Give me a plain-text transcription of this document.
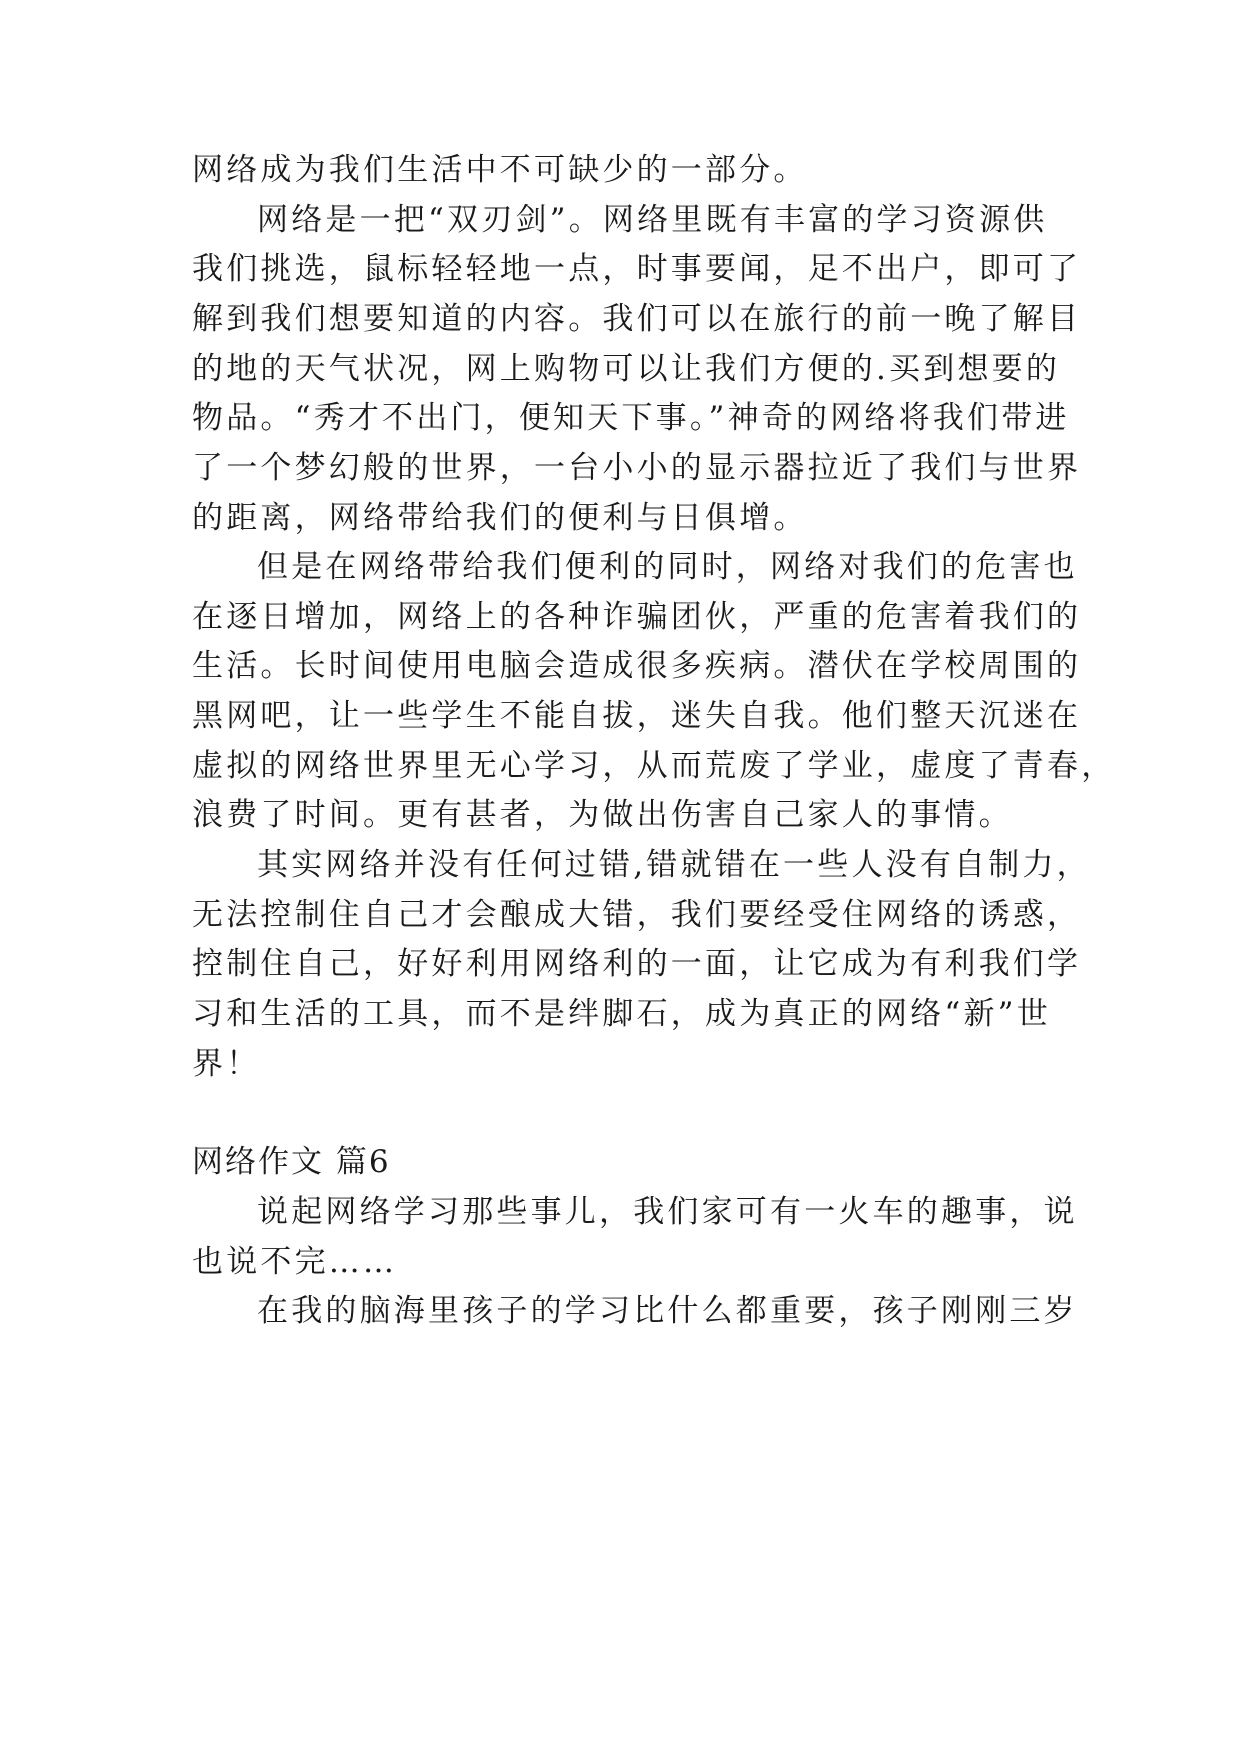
网络成为我们生活中不可缺少的一部分。
网络是一把“双刃剑”。网络里既有丰富的学习资源供
我们挑选，鼠标轻轻地一点，时事要闻，足不出户，即可了
解到我们想要知道的内容。我们可以在旅行的前一晚了解目
的地的天气状况，网上购物可以让我们方便的.买到想要的
物品。“秀才不出门，便知天下事。”神奇的网络将我们带进
了一个梦幻般的世界，一台小小的显示器拉近了我们与世界
的距离，网络带给我们的便利与日俱增。
但是在网络带给我们便利的同时，网络对我们的危害也
在逐日增加，网络上的各种诈骗团伙，严重的危害着我们的
生活。长时间使用电脑会造成很多疾病。潜伏在学校周围的
黑网吧，让一些学生不能自拔，迷失自我。他们整天沉迷在
虚拟的网络世界里无心学习，从而荒废了学业，虚度了青春，
浪费了时间。更有甚者，为做出伤害自己家人的事情。
其实网络并没有任何过错,错就错在一些人没有自制力，
无法控制住自己才会酿成大错，我们要经受住网络的诱惑，
控制住自己，好好利用网络利的一面，让它成为有利我们学
习和生活的工具，而不是绊脚石，成为真正的网络“新”世
界！
网络作文 篇6
说起网络学习那些事儿，我们家可有一火车的趣事，说
也说不完……
在我的脑海里孩子的学习比什么都重要，孩子刚刚三岁
